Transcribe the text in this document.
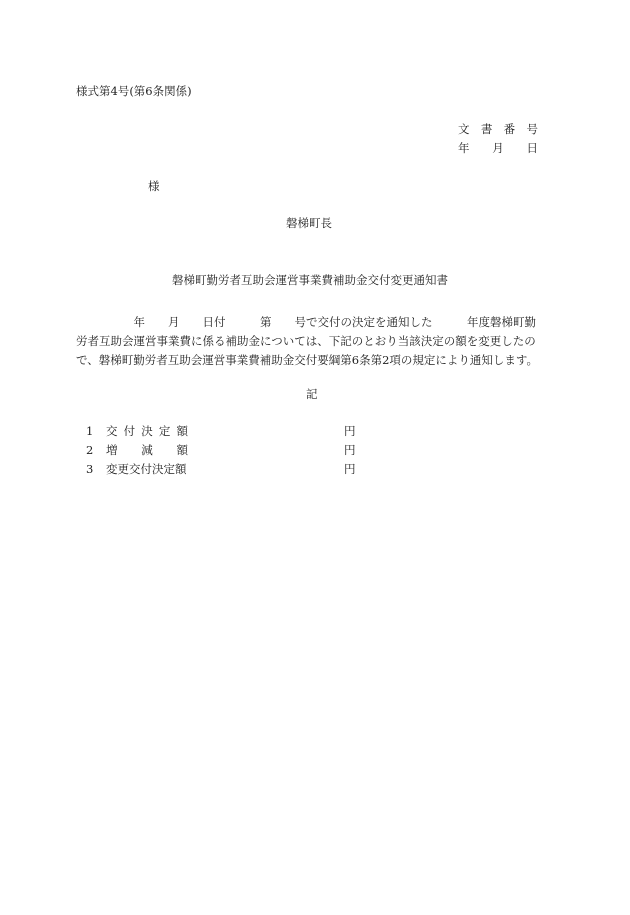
様式第4号(第6条関係)
文 書 番 号
年 月 日
様
磐梯町長
磐梯町勤労者互助会運営事業費補助金交付変更通知書
　　　　　年　　月　　日付　　　第　　号で交付の決定を通知した　　　年度磐梯町勤
労者互助会運営事業費に係る補助金については、下記のとおり当該決定の額を変更したの
で、磐梯町勤労者互助会運営事業費補助金交付要綱第6条第2項の規定により通知します。
記
1 交 付 決 定 額	円
2 増 減 額	円
3 変更交付決定額	円
